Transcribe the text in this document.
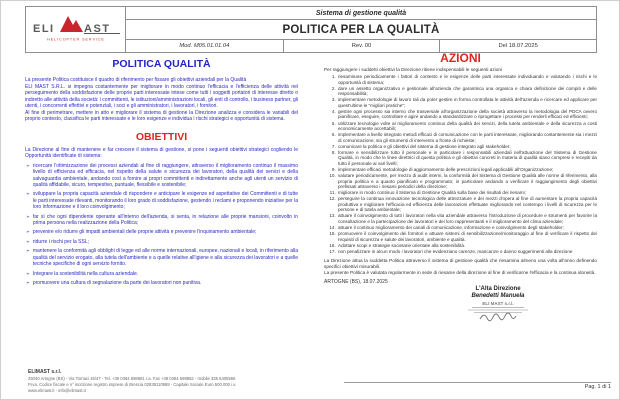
ELI	AST
HELICOPTER SERVICE
Sistema di gestione qualità
POLITICA PER LA QUALITÀ
Mod. M05.01.01.04	Rev. 00	Del 18.07.2025
POLITICA QUALITÀ
La presente Politica costituisce il quadro di riferimento per fissare gli obiettivi aziendali per la Qualità
ELI MAST S.R.L. si impegna costantemente per migliorare in modo continuo l'efficacia e l'efficienza delle attività nel perseguimento della soddisfazione delle proprie parti interessate intese come tutti i soggetti portatori di interesse diretto o indiretto alle attività della società: i committenti, le istituzioni/amministrazioni locali, gli enti di controllo, i business partner, gli utenti, i concorrenti effettivi e potenziali, i soci e gli amministratori, i lavoratori, i fornitori.
Al fine di perimetrare, mettere in atto e migliorare il sistema di gestione la Direzione analizza e considera le variabili del proprio contesto, classifica le parti interessate e le loro esigenze e individua i rischi strategici e opportunità di sistema.
OBIETTIVI
La Direzione al fine di mantenere e far crescere il sistema di gestione, si pone i seguenti obiettivi strategici cogliendo le Opportunità identificate di sistema:
➢ ricercare l'ottimizzazione dei processi aziendali al fine di raggiungere, attraverso il miglioramento continuo il massimo livello di efficienza ed efficacia, nel rispetto della salute e sicurezza dei lavoratori, della qualità dei servizi e della salvaguardia ambientale, andando così a fornire ai propri committenti e indirettamente anche agli utenti un servizio di qualità affidabile, sicuro, tempestivo, puntuale, flessibile e sostenibile;
➢ sviluppare la propria capacità aziendale di rispondere e anticipare le esigenze ed aspettative dei Committenti e di tutte le parti interessate rilevanti, monitorando il loro grado di soddisfazione, gestendo i reclami e proponendo iniziative per la loro informazione e il loro coinvolgimento;
➢ far sì che ogni dipendente operante all'interno dell'azienda, si senta, in relazione alle proprie mansioni, coinvolto in prima persona nella realizzazione della Politica;
➢ prevenire e/o ridurre gli impatti ambientali delle proprie attività e prevenire l'inquinamento ambientale;
➢ ridurre i rischi per la SSL;
➢ mantenere la conformità agli obblighi di legge ed alle norme internazionali, europee, nazionali e locali, in riferimento alla qualità del servizio erogato, alla tutela dell'ambiente e a quelle relative all'igiene e alla sicurezza dei lavoratori e a quelle tecniche specifiche di ogni servizio fornito.
➢ Integrare la sostenibilità nella cultura aziendale.
➢ promuovere una cultura di segnalazione da parte dei lavoratori non punitiva.
AZIONI
Per raggiungere i suddetti obiettivi la Direzione ritiene indispensabili le seguenti azioni
1. riesaminare periodicamente i fattori di contesto e le esigenze delle parti interessate individuando e valutando i rischi e le opportunità di sistema;
2. dare un assetto organizzativo e gestionale all'azienda che garantisca una organica e chiara definizione dei compiti e delle responsabilità;
3. implementare metodologie di lavoro tali da poter gestire in forma controllata le attività dell'azienda e ricercare ed applicare per quest'ultime le "migliori pratiche";
4. gestire ogni processo sia interno che trasversale all'organizzazione della società attraverso la metodologia del PDCA ovvero pianificare, eseguire, controllare e agire andando a standardizzare o riprogettare i processi per renderli efficaci ed efficienti;
5. utilizzare tecnologie volte al miglioramento continuo della qualità dei servizi, della tutela ambientale e della sicurezza a costi economicamente accettabili;
6. implementare a livello integrato metodi efficaci di comunicazione con le parti interessate, migliorando costantemente sia i mezzi di comunicazione, sia gli strumenti di intervento a fronte di richieste;
7. comunicare la politica e gli obiettivi del sistema di gestione integrato agli stakeholder;
8. formare e sensibilizzare tutto il personale e in particolare i responsabili aziendali nell'attuazione del Sistema di Gestione Qualità, in modo che le linee direttrici di questa politica e gli obiettivi concreti in materia di qualità siano compresi e recepiti da tutto il personale ai vari livelli;
9. implementare efficaci metodologie di aggiornamento delle prescrizioni legali applicabili all'Organizzazione;
10. valutare periodicamente, per mezzo di audit interni, la conformità del Sistema di Gestione Qualità alle norme di riferimento, alla propria politica e a quanto pianificato e programmato; in particolare andando a verificare il raggiungimento degli obiettivi prefissati attraverso i riesami periodici della direzione;
11. migliorare in modo continuo il Sistema di Gestione Qualità sulla base dei risultati dei riesami;
12. perseguire la continua innovazione tecnologica delle attrezzature e dei mezzi d'opera al fine di aumentare la propria capacità produttiva e migliorare l'efficacia ed efficienza delle lavorazioni effettuate migliorando nel contempo i livelli di sicurezza per le persone e di tutela ambientale;
13. attuare il coinvolgimento di tutti i lavoratori nella vita aziendale attraverso l'introduzione di procedure e strumenti per favorire la consultazione e la partecipazione dei lavoratori e dei loro rappresentanti e il miglioramento del clima aziendale;
14. attuare il continuo miglioramento dei canali di comunicazione, informazione e coinvolgimento degli stakeholder;
15. promuovere il coinvolgimento dei fornitori e attuare sistemi di sensibilizzazione/monitoraggio al fine di verificare il rispetto dei requisiti di sicurezza e salute dei lavoratori, ambiente e qualità.
16. Adottare scopi e strategie societarie orientate alla sostenibilità.
17. non penalizzare in alcun modo i lavoratori che evidenziano carenze, mancanze o danno suggerimenti alla direzione
La Direzione attua la suddetta Politica attraverso il sistema di gestione qualità che riesamina almeno una volta all'anno definendo specifici obiettivi misurabili.
La presente Politica è valutata regolarmente in sede di riesame della direzione al fine di verificarne l'efficacia e la continua idoneità.
ARTOGNE (BS), 18.07.2025
L'Alta Direzione
Benedetti Manuela
ELI MAST s.r.l.
Pag. 1 di 1
ELIMAST s.r.l.
25040 Artogne (BS) - Via Tornaci 45/47 - Tel. +39 0364 598881 r.a. Fax +39 0364 598882 - mobile 335 6408566
P.iva, Codice fiscale e n° iscrizione registro imprese di Brescia 02839110988 - Capitale Sociale Euro 500.000 i.v.
www.elimast.it - info@elimast.it
